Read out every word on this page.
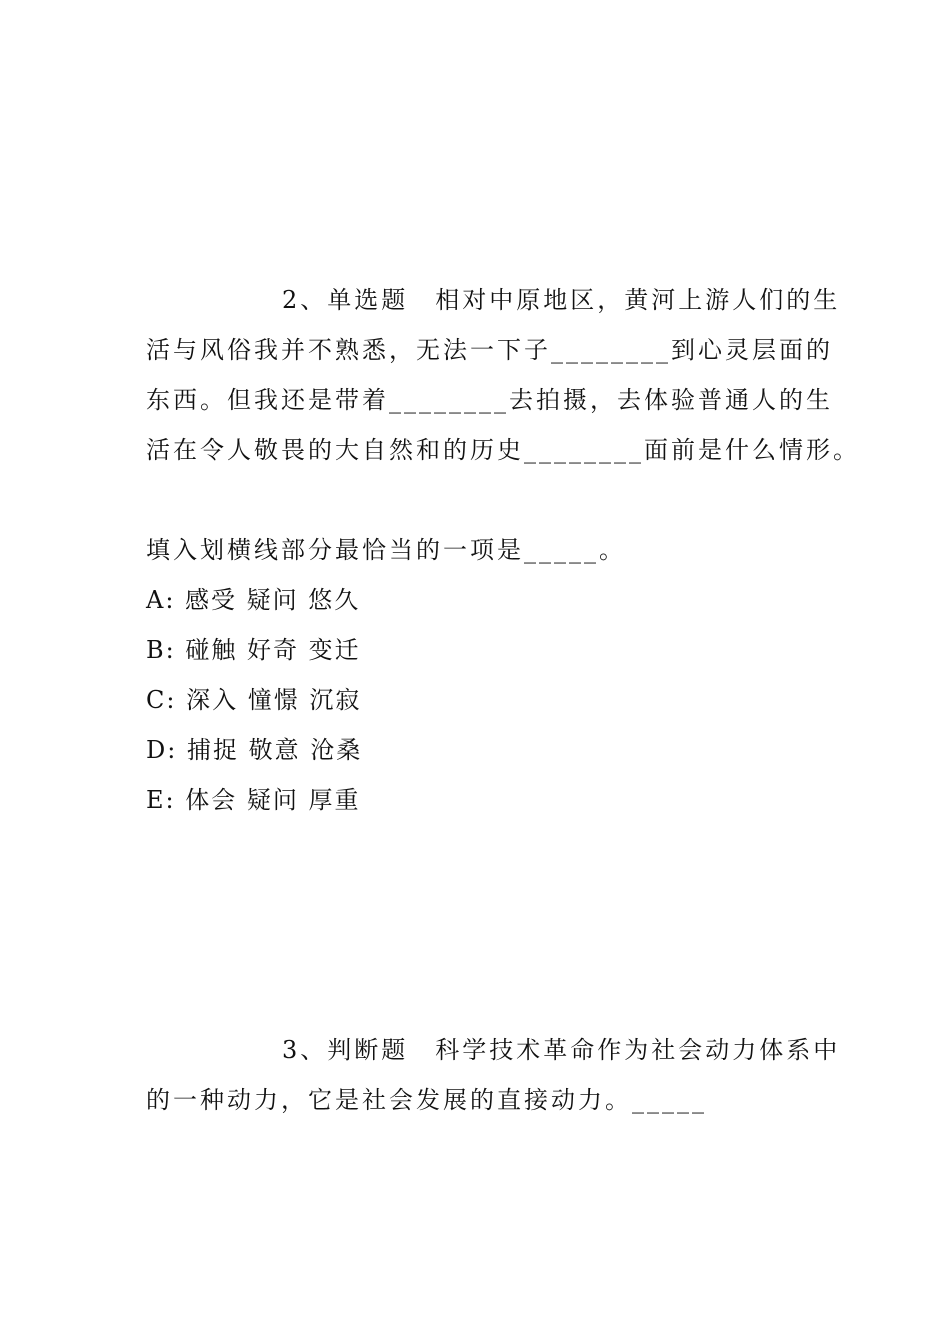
2、单选题　相对中原地区，黄河上游人们的生
活与风俗我并不熟悉，无法一下子________到心灵层面的
东西。但我还是带着________去拍摄，去体验普通人的生
活在令人敬畏的大自然和的历史________面前是什么情形。
填入划横线部分最恰当的一项是_____。
A: 感受 疑问 悠久
B: 碰触 好奇 变迁
C: 深入 憧憬 沉寂
D: 捕捉 敬意 沧桑
E: 体会 疑问 厚重
3、判断题　科学技术革命作为社会动力体系中
的一种动力，它是社会发展的直接动力。_____
